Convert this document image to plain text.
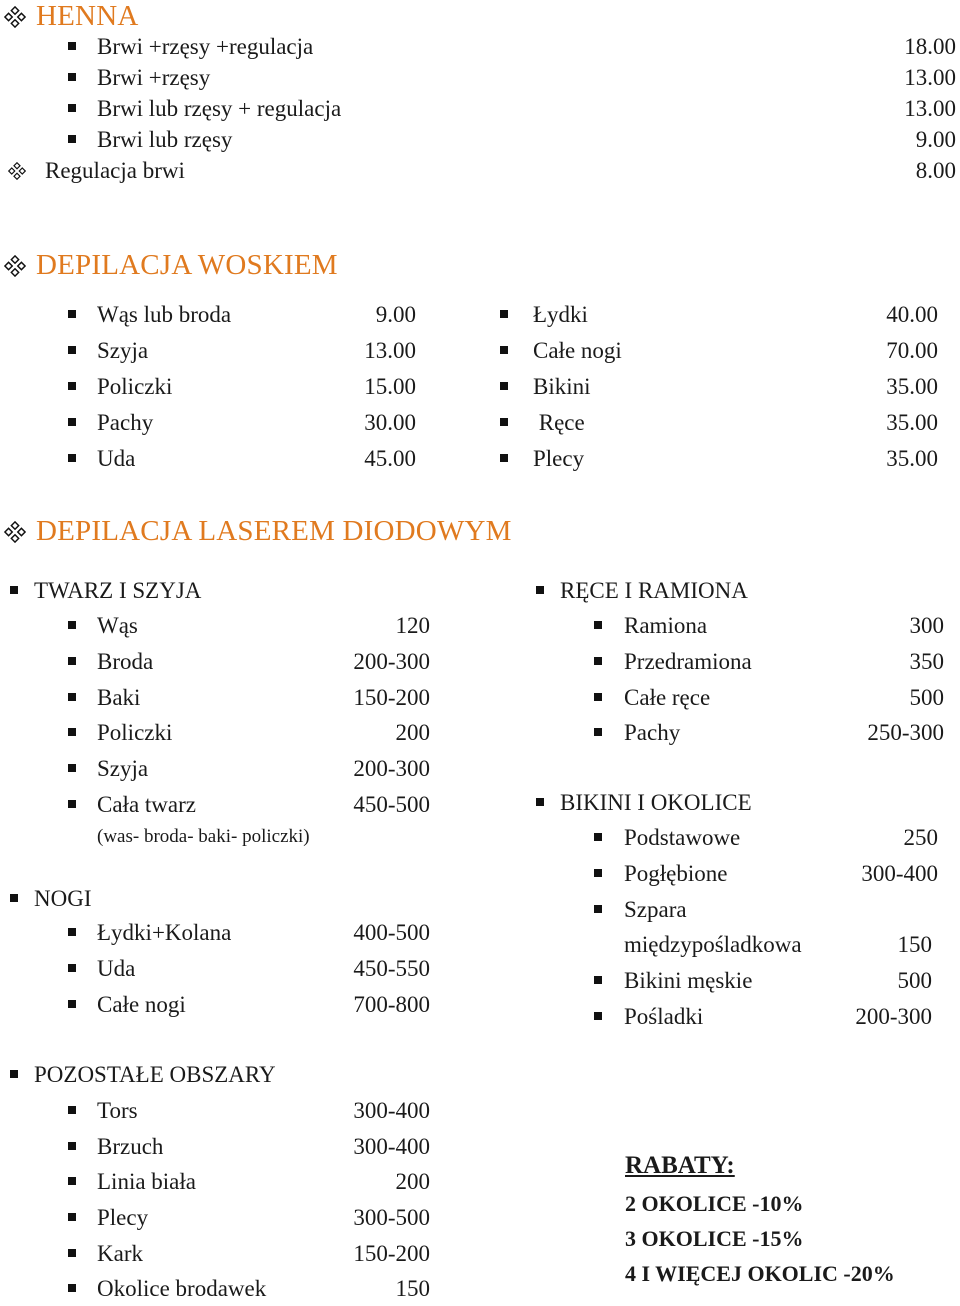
HENNA
Brwi +rzęsy +regulacja	18.00
Brwi +rzęsy	13.00
Brwi lub rzęsy + regulacja	13.00
Brwi lub rzęsy	9.00
Regulacja brwi	8.00
DEPILACJA WOSKIEM
Wąs lub broda	9.00
Szyja	13.00
Policzki	15.00
Pachy	30.00
Uda	45.00
Łydki	40.00
Całe nogi	70.00
Bikini	35.00
Ręce	35.00
Plecy	35.00
DEPILACJA LASEREM DIODOWYM
TWARZ I SZYJA
Wąs	120
Broda	200-300
Baki	150-200
Policzki	200
Szyja	200-300
Cała twarz	450-500
(was- broda- baki- policzki)
NOGI
Łydki+Kolana	400-500
Uda	450-550
Całe nogi	700-800
RĘCE I RAMIONA
Ramiona	300
Przedramiona	350
Całe ręce	500
Pachy	250-300
BIKINI I OKOLICE
Podstawowe	250
Pogłębione	300-400
Szpara
międzypośladkowa	150
Bikini męskie	500
Pośladki	200-300
POZOSTAŁE OBSZARY
Tors	300-400
Brzuch	300-400
Linia biała	200
Plecy	300-500
Kark	150-200
Okolice brodawek	150
RABATY:
2 OKOLICE -10%
3 OKOLICE -15%
4 I WIĘCEJ OKOLIC -20%
